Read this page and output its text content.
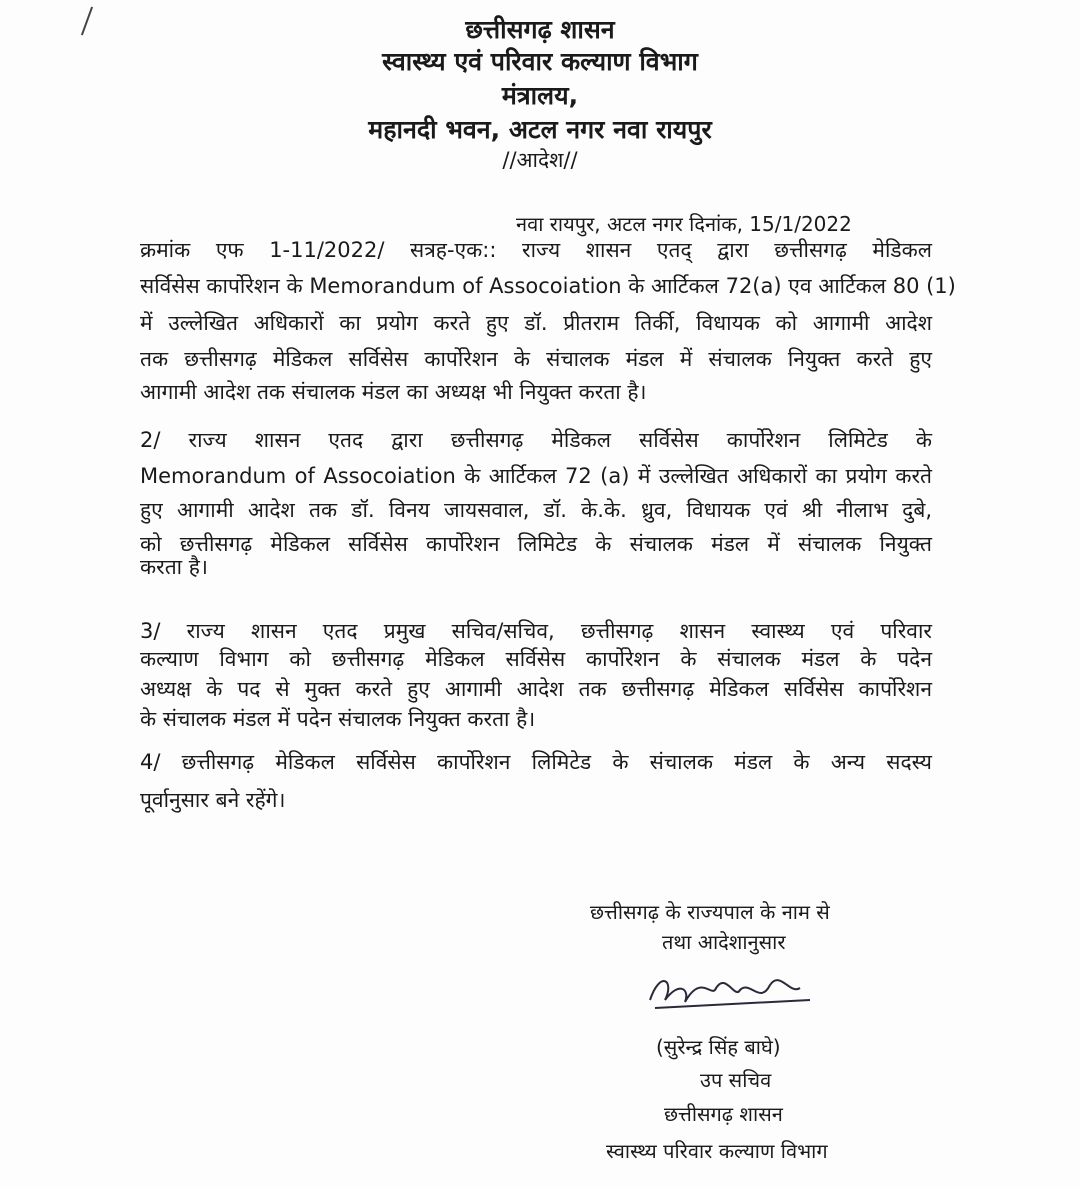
छत्तीसगढ़ शासन
स्वास्थ्य एवं परिवार कल्याण विभाग
मंत्रालय,
महानदी भवन, अटल नगर नवा रायपुर
//आदेश//
नवा रायपुर, अटल नगर दिनांक, 15/1/2022
क्रमांक एफ 1-11/2022/ सत्रह-एक:: राज्य शासन एतद् द्वारा छत्तीसगढ़ मेडिकल
सर्विसेस कार्पोरेशन के Memorandum of Assocoiation के आर्टिकल 72(a) एव आर्टिकल 80 (1)
में उल्लेखित अधिकारों का प्रयोग करते हुए डॉ. प्रीतराम तिर्की, विधायक को आगामी आदेश
तक छत्तीसगढ़ मेडिकल सर्विसेस कार्पोरेशन के संचालक मंडल में संचालक नियुक्त करते हुए
आगामी आदेश तक संचालक मंडल का अध्यक्ष भी नियुक्त करता है।
2/ राज्य शासन एतद द्वारा छत्तीसगढ़ मेडिकल सर्विसेस कार्पोरेशन लिमिटेड के
Memorandum of Assocoiation के आर्टिकल 72 (a) में उल्लेखित अधिकारों का प्रयोग करते
हुए आगामी आदेश तक डॉ. विनय जायसवाल, डॉ. के.के. ध्रुव, विधायक एवं श्री नीलाभ दुबे,
को छत्तीसगढ़ मेडिकल सर्विसेस कार्पोरेशन लिमिटेड के संचालक मंडल में संचालक नियुक्त
करता है।
3/ राज्य शासन एतद प्रमुख सचिव/सचिव, छत्तीसगढ़ शासन स्वास्थ्य एवं परिवार
कल्याण विभाग को छत्तीसगढ़ मेडिकल सर्विसेस कार्पोरेशन के संचालक मंडल के पदेन
अध्यक्ष के पद से मुक्त करते हुए आगामी आदेश तक छत्तीसगढ़ मेडिकल सर्विसेस कार्पोरेशन
के संचालक मंडल में पदेन संचालक नियुक्त करता है।
4/ छत्तीसगढ़ मेडिकल सर्विसेस कार्पोरेशन लिमिटेड के संचालक मंडल के अन्य सदस्य
पूर्वानुसार बने रहेंगे।
छत्तीसगढ़ के राज्यपाल के नाम से
तथा आदेशानुसार
(सुरेन्द्र सिंह बाघे)
उप सचिव
छत्तीसगढ़ शासन
स्वास्थ्य परिवार कल्याण विभाग
